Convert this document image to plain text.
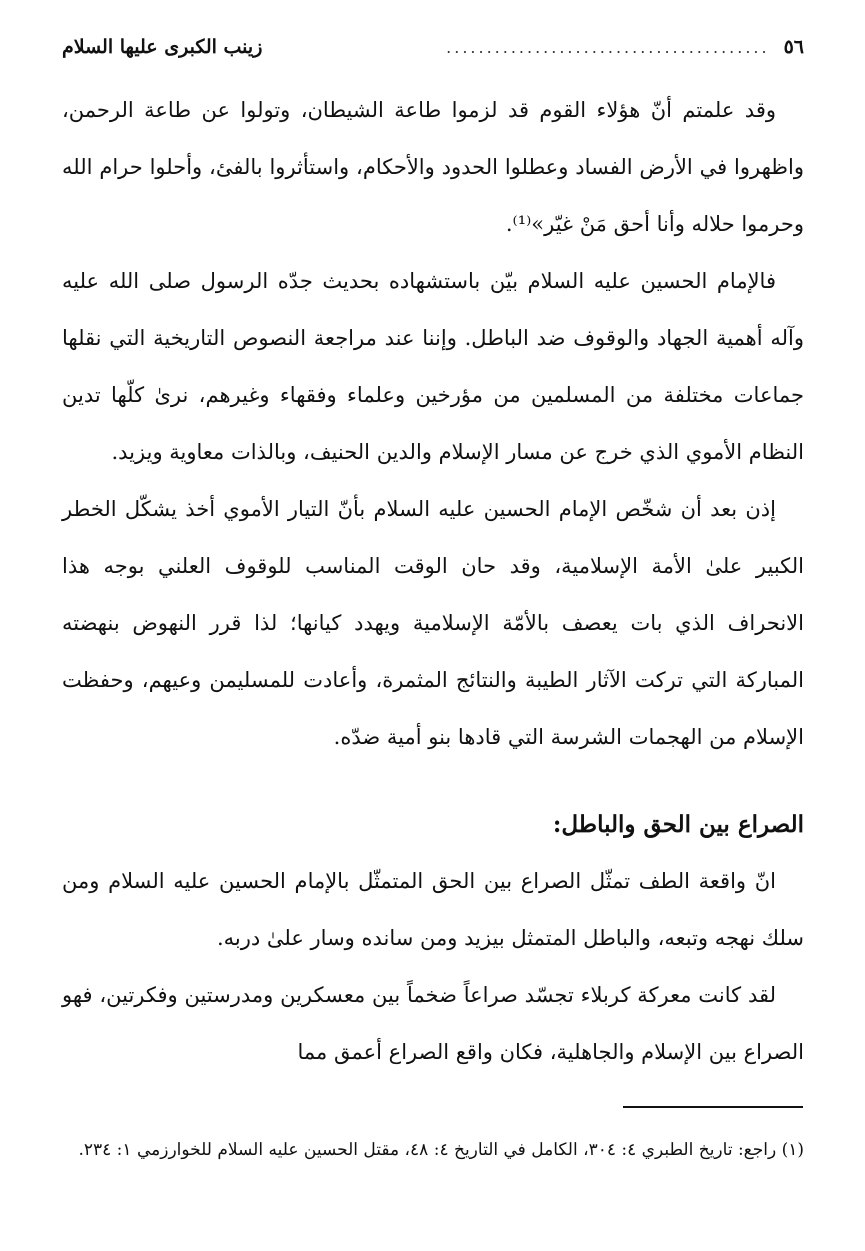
٥٦
........................................
زينب الكبرى عليها السلام

وقد علمتم أنّ هؤلاء القوم قد لزموا طاعة الشيطان، وتولوا عن طاعة الرحمن، واظهروا في الأرض الفساد وعطلوا الحدود والأحكام، واستأثروا بالفئ، وأحلوا حرام الله وحرموا حلاله وأنا أحق مَنْ غيّر»⁽¹⁾.

فالإمام الحسين عليه السلام بيّن باستشهاده بحديث جدّه الرسول صلى الله عليه وآله أهمية الجهاد والوقوف ضد الباطل. وإننا عند مراجعة النصوص التاريخية التي نقلها جماعات مختلفة من المسلمين من مؤرخين وعلماء وفقهاء وغيرهم، نرىٰ كلّها تدين النظام الأموي الذي خرج عن مسار الإسلام والدين الحنيف، وبالذات معاوية ويزيد.

إذن بعد أن شخّص الإمام الحسين عليه السلام بأنّ التيار الأموي أخذ يشكّل الخطر الكبير علىٰ الأمة الإسلامية، وقد حان الوقت المناسب للوقوف العلني بوجه هذا الانحراف الذي بات يعصف بالأمّة الإسلامية ويهدد كيانها؛ لذا قرر النهوض بنهضته المباركة التي تركت الآثار الطيبة والنتائج المثمرة، وأعادت للمسليمن وعيهم، وحفظت الإسلام من الهجمات الشرسة التي قادها بنو أمية ضدّه.

الصراع بين الحق والباطل:

انّ واقعة الطف تمثّل الصراع بين الحق المتمثّل بالإمام الحسين عليه السلام ومن سلك نهجه وتبعه، والباطل المتمثل بيزيد ومن سانده وسار علىٰ دربه.

لقد كانت معركة كربلاء تجسّد صراعاً ضخماً بين معسكرين ومدرستين وفكرتين، فهو الصراع بين الإسلام والجاهلية، فكان واقع الصراع أعمق مما

(١) راجع: تاريخ الطبري ٤: ٣٠٤، الكامل في التاريخ ٤: ٤٨، مقتل الحسين عليه السلام للخوارزمي ١: ٢٣٤.
